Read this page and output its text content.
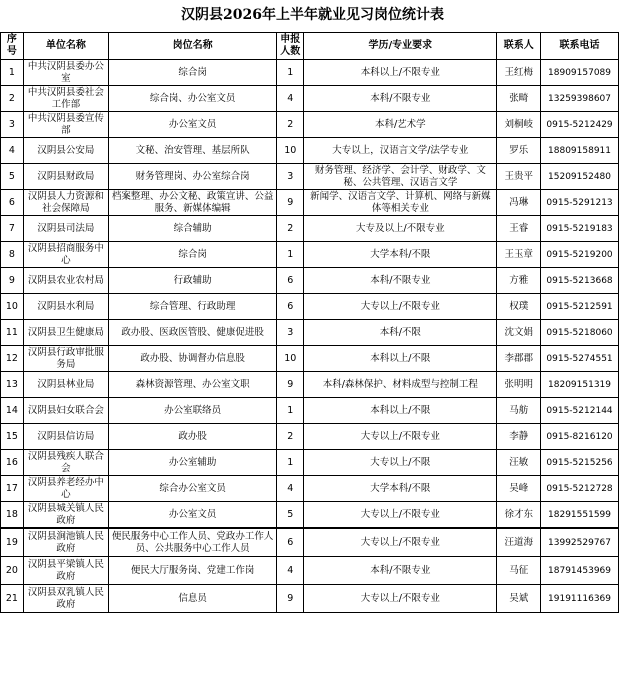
汉阴县2026年上半年就业见习岗位统计表
序号	单位名称	岗位名称	申报人数	学历/专业要求	联系人	联系电话
1	中共汉阴县委办公室	综合岗	1	本科以上/不限专业	王红梅	18909157089
2	中共汉阴县委社会工作部	综合岗、办公室文员	4	本科/不限专业	张畸	13259398607
3	中共汉阴县委宣传部	办公室文员	2	本科/艺术学	刘桐岐	0915-5212429
4	汉阴县公安局	文秘、治安管理、基层所队	10	大专以上，汉语言文学/法学专业	罗乐	18809158911
5	汉阴县财政局	财务管理岗、办公室综合岗	3	财务管理、经济学、会计学、财政学、文秘、公共管理、汉语言文学	王贵平	15209152480
6	汉阴县人力资源和社会保障局	档案整理、办公文秘、政策宣讲、公益服务、新媒体编辑	9	新闻学、汉语言文学、计算机、网络与新媒体等相关专业	冯琳	0915-5291213
7	汉阴县司法局	综合辅助	2	大专及以上/不限专业	王睿	0915-5219183
8	汉阴县招商服务中心	综合岗	1	大学本科/不限	王玉章	0915-5219200
9	汉阴县农业农村局	行政辅助	6	本科/不限专业	方雅	0915-5213668
10	汉阴县水利局	综合管理、行政助理	6	大专以上/不限专业	权璞	0915-5212591
11	汉阴县卫生健康局	政办股、医政医管股、健康促进股	3	本科/不限	沈文娟	0915-5218060
12	汉阴县行政审批服务局	政办股、协调督办信息股	10	本科以上/不限	李郡郡	0915-5274551
13	汉阴县林业局	森林资源管理、办公室文职	9	本科/森林保护、材料成型与控制工程	张明明	18209151319
14	汉阴县妇女联合会	办公室联络员	1	本科以上/不限	马舫	0915-5212144
15	汉阴县信访局	政办股	2	大专以上/不限专业	李静	0915-8216120
16	汉阴县残疾人联合会	办公室辅助	1	大专以上/不限	汪敏	0915-5215256
17	汉阴县养老经办中心	综合办公室文员	4	大学本科/不限	吴峰	0915-5212728
18	汉阴县城关镇人民政府	办公室文员	5	大专以上/不限专业	徐才东	18291551599
19	汉阴县涧池镇人民政府	便民服务中心工作人员、党政办工作人员、公共服务中心工作人员	6	大专以上/不限专业	汪道海	13992529767
20	汉阴县平梁镇人民政府	便民大厅服务岗、党建工作岗	4	本科/不限专业	马征	18791453969
21	汉阴县双乳镇人民政府	信息员	9	大专以上/不限专业	吴斌	19191116369
